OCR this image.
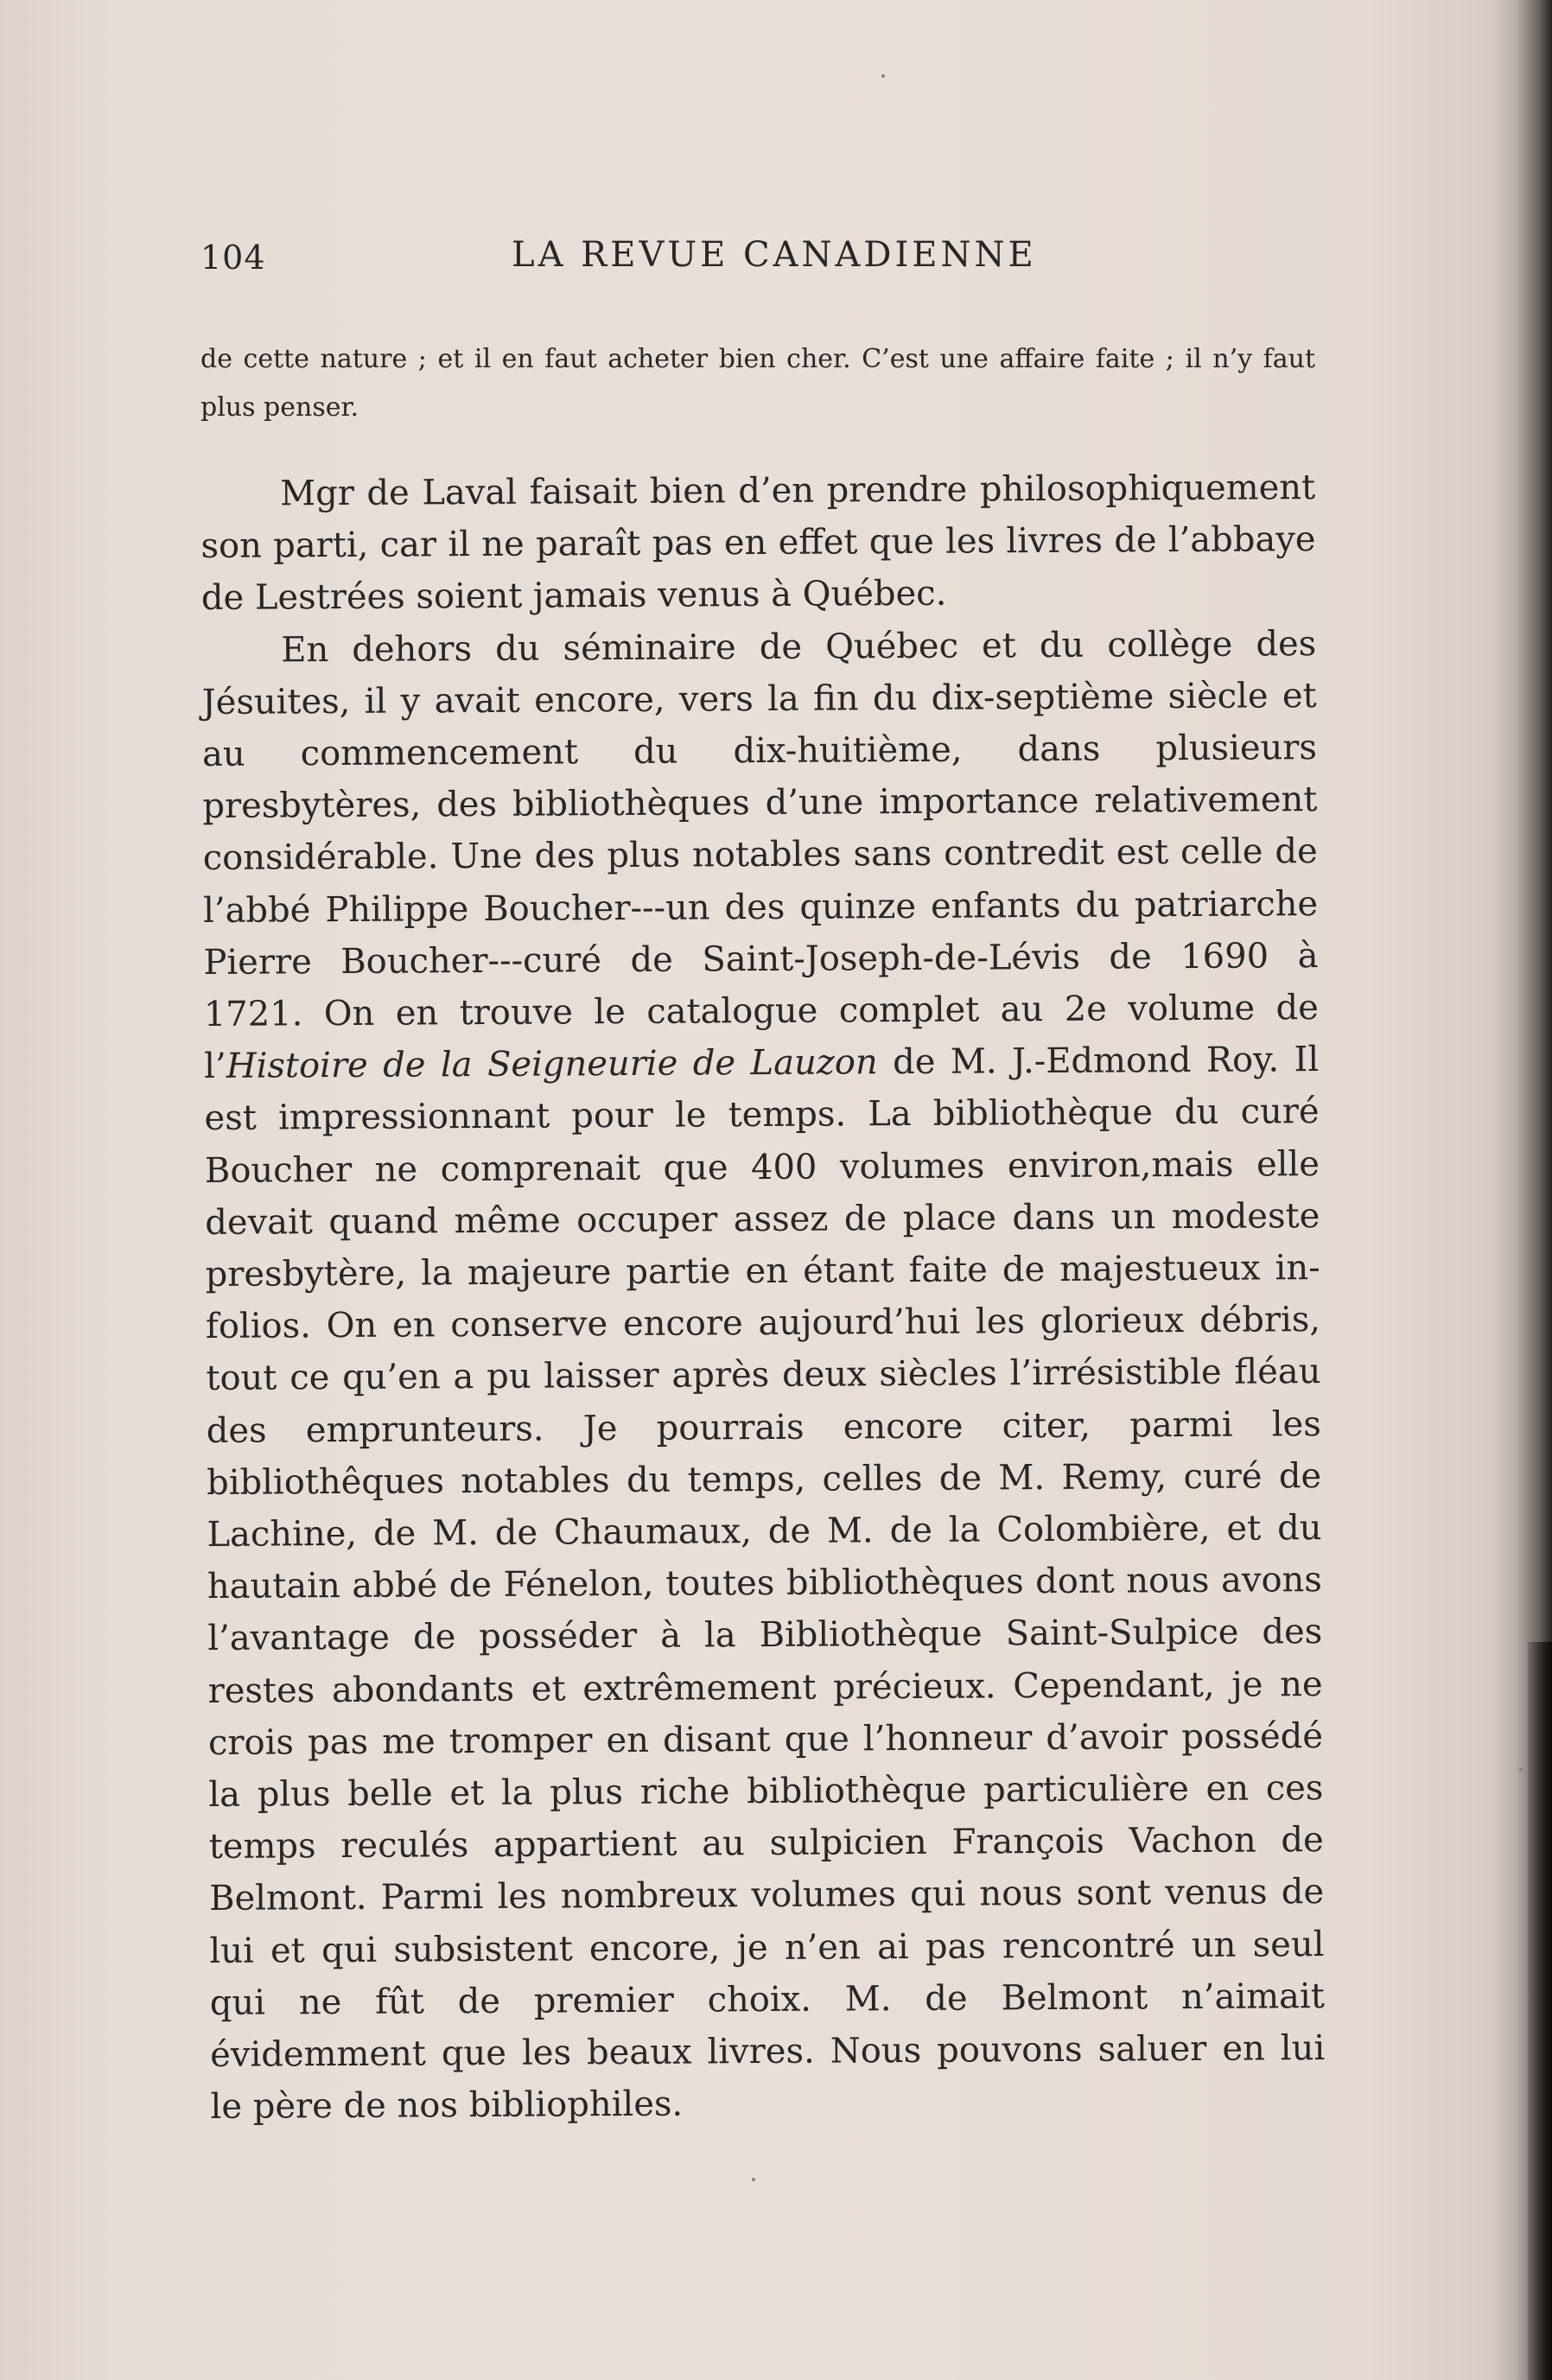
104	LA REVUE CANADIENNE

de cette nature ; et il en faut acheter bien cher. C’est une affaire faite ; il n’y faut plus penser.

Mgr de Laval faisait bien d’en prendre philosophiquement son parti, car il ne paraît pas en effet que les livres de l’abbaye de Lestrées soient jamais venus à Québec.

En dehors du séminaire de Québec et du collège des Jésuites, il y avait encore, vers la fin du dix-septième siècle et au commencement du dix-huitième, dans plusieurs presbytères, des bibliothèques d’une importance relativement considérable. Une des plus notables sans contredit est celle de l’abbé Philippe Boucher---un des quinze enfants du patriarche Pierre Boucher---curé de Saint-Joseph-de-Lévis de 1690 à 1721. On en trouve le catalogue complet au 2e volume de l’Histoire de la Seigneurie de Lauzon de M. J.-Edmond Roy. Il est impressionnant pour le temps. La bibliothèque du curé Boucher ne comprenait que 400 volumes environ,mais elle devait quand même occuper assez de place dans un modeste presbytère, la majeure partie en étant faite de majestueux in-folios. On en conserve encore aujourd’hui les glorieux débris, tout ce qu’en a pu laisser après deux siècles l’irrésistible fléau des emprunteurs. Je pourrais encore citer, parmi les bibliothêques notables du temps, celles de M. Remy, curé de Lachine, de M. de Chaumaux, de M. de la Colombière, et du hautain abbé de Fénelon, toutes bibliothèques dont nous avons l’avantage de posséder à la Bibliothèque Saint-Sulpice des restes abondants et extrêmement précieux. Cependant, je ne crois pas me tromper en disant que l’honneur d’avoir possédé la plus belle et la plus riche bibliothèque particulière en ces temps reculés appartient au sulpicien François Vachon de Belmont. Parmi les nombreux volumes qui nous sont venus de lui et qui subsistent encore, je n’en ai pas rencontré un seul qui ne fût de premier choix. M. de Belmont n’aimait évidemment que les beaux livres. Nous pouvons saluer en lui le père de nos bibliophiles.
